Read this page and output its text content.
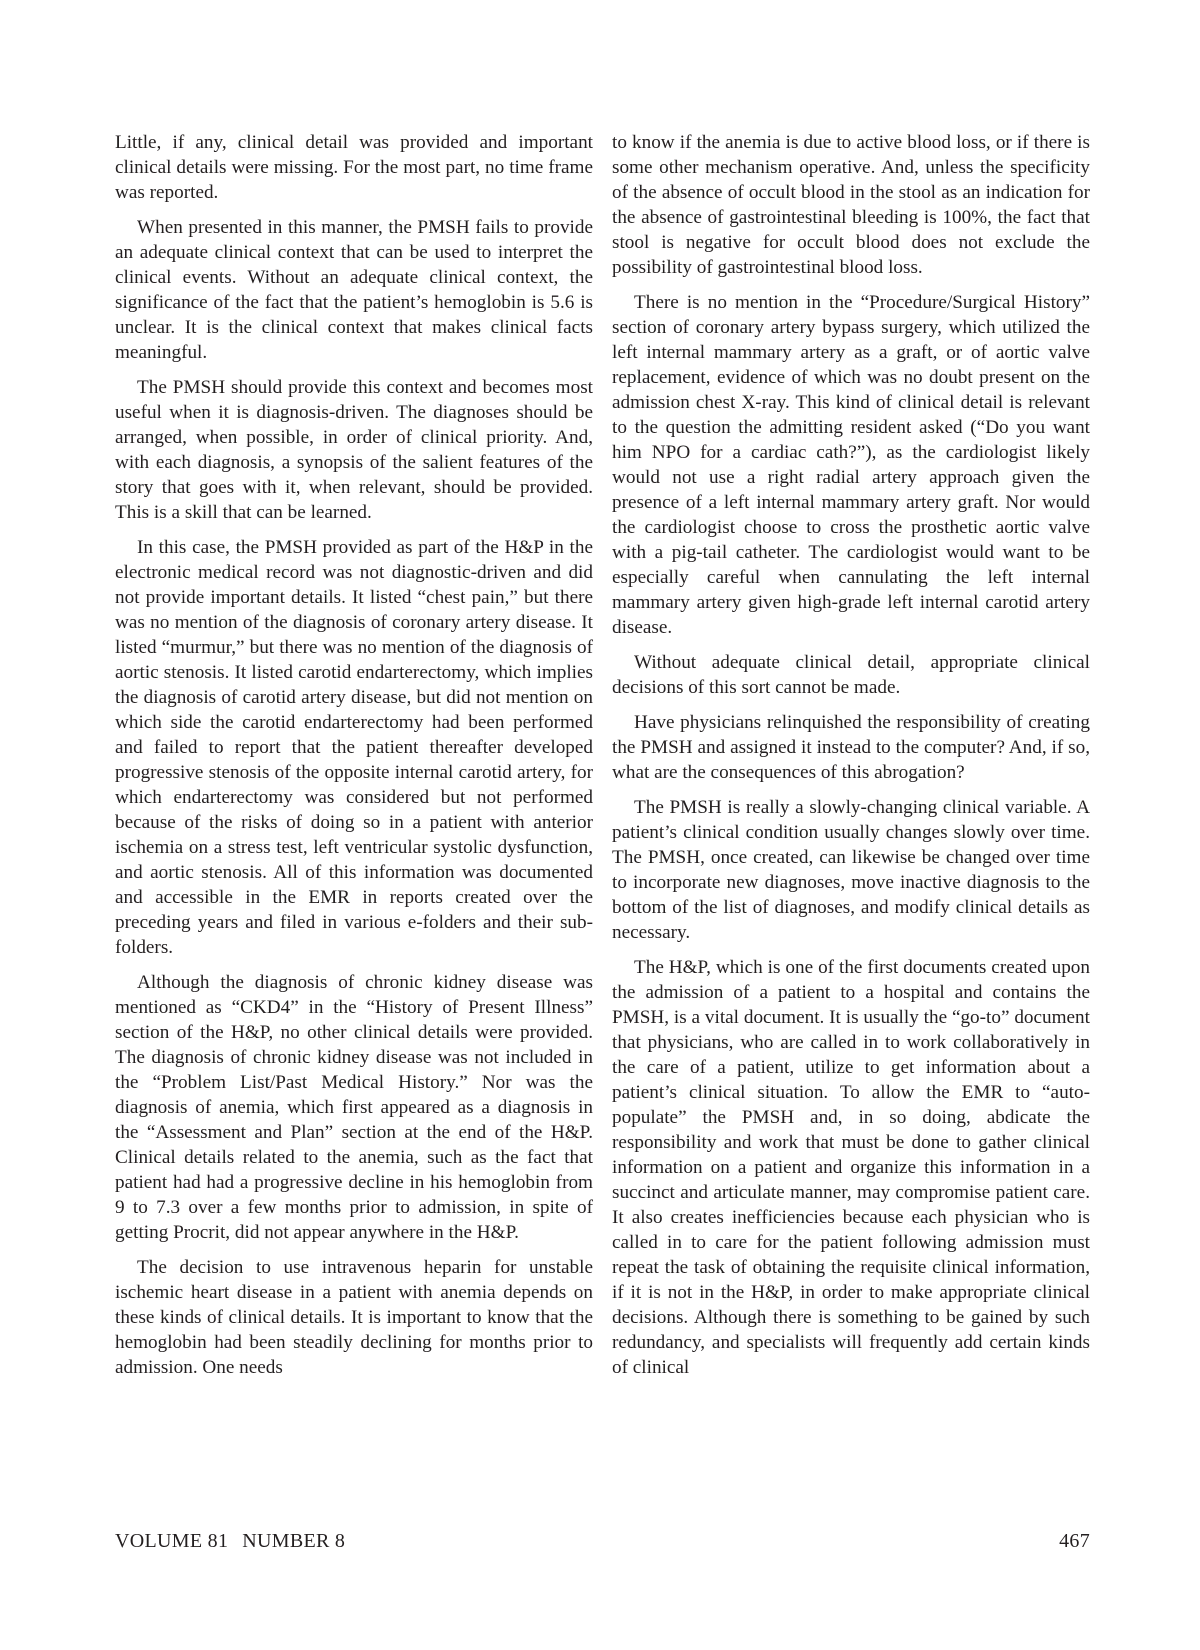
Little, if any, clinical detail was provided and important clinical details were missing. For the most part, no time frame was reported.

When presented in this manner, the PMSH fails to provide an adequate clinical context that can be used to interpret the clinical events. Without an adequate clinical context, the significance of the fact that the patient’s hemoglobin is 5.6 is unclear. It is the clinical context that makes clinical facts meaningful.

The PMSH should provide this context and becomes most useful when it is diagnosis-driven. The diagnoses should be arranged, when possible, in order of clinical priority. And, with each diagnosis, a synopsis of the salient features of the story that goes with it, when relevant, should be provided. This is a skill that can be learned.

In this case, the PMSH provided as part of the H&P in the electronic medical record was not diagnostic-driven and did not provide important details. It listed “chest pain,” but there was no mention of the diagnosis of coronary artery disease. It listed “murmur,” but there was no mention of the diagnosis of aortic stenosis. It listed carotid endarterectomy, which implies the diagnosis of carotid artery disease, but did not mention on which side the carotid endarterectomy had been performed and failed to report that the patient thereafter developed progressive stenosis of the opposite internal carotid artery, for which endarterectomy was considered but not performed because of the risks of doing so in a patient with anterior ischemia on a stress test, left ventricular systolic dysfunction, and aortic stenosis. All of this information was documented and accessible in the EMR in reports created over the preceding years and filed in various e-folders and their sub-folders.

Although the diagnosis of chronic kidney disease was mentioned as “CKD4” in the “History of Present Illness” section of the H&P, no other clinical details were provided. The diagnosis of chronic kidney disease was not included in the “Problem List/Past Medical History.” Nor was the diagnosis of anemia, which first appeared as a diagnosis in the “Assessment and Plan” section at the end of the H&P. Clinical details related to the anemia, such as the fact that patient had had a progressive decline in his hemoglobin from 9 to 7.3 over a few months prior to admission, in spite of getting Procrit, did not appear anywhere in the H&P.

The decision to use intravenous heparin for unstable ischemic heart disease in a patient with anemia depends on these kinds of clinical details. It is important to know that the hemoglobin had been steadily declining for months prior to admission. One needs

to know if the anemia is due to active blood loss, or if there is some other mechanism operative. And, unless the specificity of the absence of occult blood in the stool as an indication for the absence of gastrointestinal bleeding is 100%, the fact that stool is negative for occult blood does not exclude the possibility of gastrointestinal blood loss.

There is no mention in the “Procedure/Surgical History” section of coronary artery bypass surgery, which utilized the left internal mammary artery as a graft, or of aortic valve replacement, evidence of which was no doubt present on the admission chest X-ray. This kind of clinical detail is relevant to the question the admitting resident asked (“Do you want him NPO for a cardiac cath?”), as the cardiologist likely would not use a right radial artery approach given the presence of a left internal mammary artery graft. Nor would the cardiologist choose to cross the prosthetic aortic valve with a pig-tail catheter. The cardiologist would want to be especially careful when cannulating the left internal mammary artery given high-grade left internal carotid artery disease.

Without adequate clinical detail, appropriate clinical decisions of this sort cannot be made.

Have physicians relinquished the responsibility of creating the PMSH and assigned it instead to the computer? And, if so, what are the consequences of this abrogation?

The PMSH is really a slowly-changing clinical variable. A patient’s clinical condition usually changes slowly over time. The PMSH, once created, can likewise be changed over time to incorporate new diagnoses, move inactive diagnosis to the bottom of the list of diagnoses, and modify clinical details as necessary.

The H&P, which is one of the first documents created upon the admission of a patient to a hospital and contains the PMSH, is a vital document. It is usually the “go-to” document that physicians, who are called in to work collaboratively in the care of a patient, utilize to get information about a patient’s clinical situation. To allow the EMR to “auto-populate” the PMSH and, in so doing, abdicate the responsibility and work that must be done to gather clinical information on a patient and organize this information in a succinct and articulate manner, may compromise patient care. It also creates inefficiencies because each physician who is called in to care for the patient following admission must repeat the task of obtaining the requisite clinical information, if it is not in the H&P, in order to make appropriate clinical decisions. Although there is something to be gained by such redundancy, and specialists will frequently add certain kinds of clinical

VOLUME 81 NUMBER 8	467
